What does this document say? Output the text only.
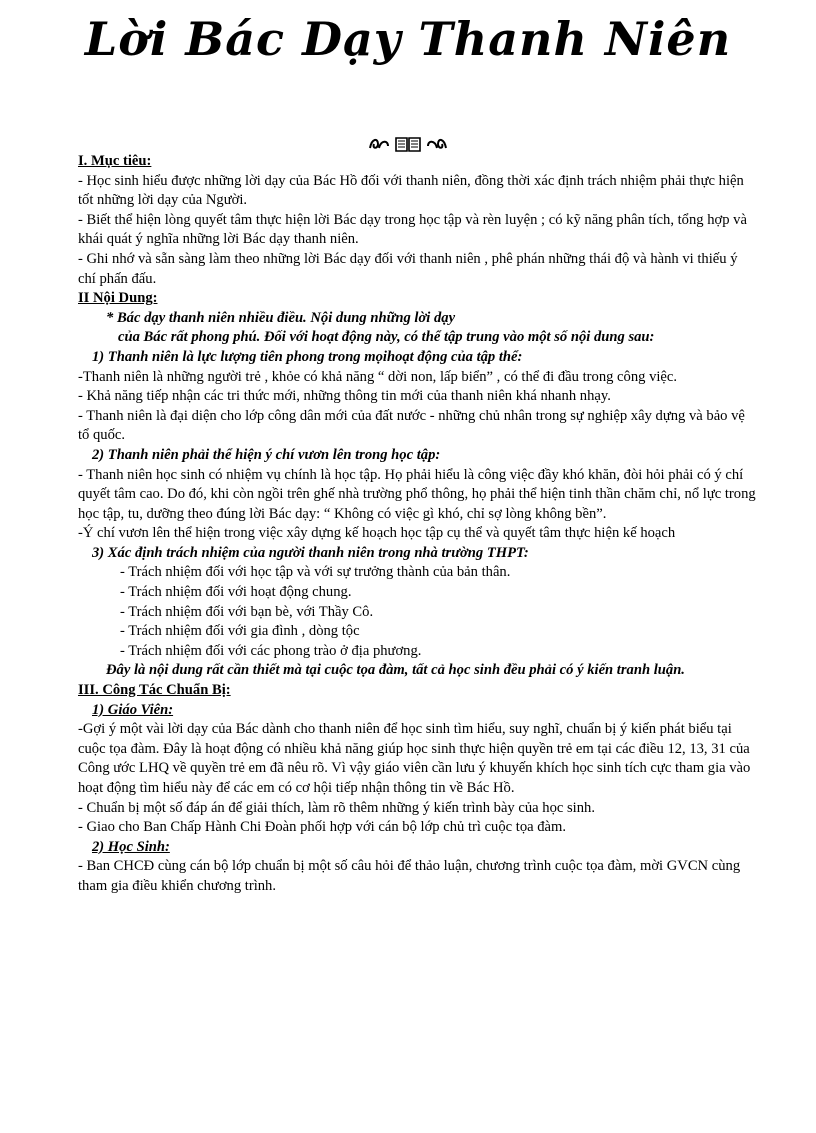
Lời Bác Dạy Thanh Niên

I. Mục tiêu:

- Học sinh hiểu được những lời dạy của Bác Hồ đối với thanh niên, đồng thời xác định trách nhiệm phải thực hiện tốt những lời dạy của Người.

- Biết thể hiện lòng quyết tâm thực hiện lời Bác dạy trong học tập và rèn luyện ; có kỹ năng phân tích, tổng hợp và khái quát ý nghĩa những lời Bác dạy thanh niên.

- Ghi nhớ và sẵn sàng làm theo những lời Bác dạy đối với thanh niên , phê phán những thái độ và hành vi thiếu ý chí phấn đấu.

II Nội Dung:

* Bác dạy thanh niên nhiều điều. Nội dung những lời dạy

của Bác rất phong phú. Đối với hoạt động này, có thể tập trung vào một số nội dung sau:

1) Thanh niên là lực lượng tiên phong trong mọihoạt động của tập thể:

-Thanh niên là những người trẻ , khỏe có khả năng “ dời non, lấp biển” , có thể đi đầu trong công việc.

- Khả năng tiếp nhận các tri thức mới, những thông tin mới của thanh niên khá nhanh nhạy.

- Thanh niên là đại diện cho lớp công dân mới của đất nước - những chủ nhân trong sự nghiệp xây dựng và bảo vệ tổ quốc.

2) Thanh niên phải thể hiện ý chí vươn lên trong học tập:

- Thanh niên học sinh có nhiệm vụ chính là học tập. Họ phải hiểu là công việc đầy khó khăn, đòi hỏi phải có ý chí quyết tâm cao. Do đó, khi còn ngồi trên ghế nhà trường phổ thông, họ phải thể hiện tinh thần chăm chỉ, nổ lực trong học tập, tu, dưỡng theo đúng lời Bác dạy: “ Không có việc gì khó, chỉ sợ lòng không bền”.

-Ý chí vươn lên thể hiện trong việc xây dựng kế hoạch học tập cụ thể và quyết tâm thực hiện kế hoạch

3) Xác định trách nhiệm của người thanh niên trong nhà trường THPT:

- Trách nhiệm đối với học tập và với sự trưởng thành của bản thân.

- Trách nhiệm đối với hoạt động chung.

- Trách nhiệm đối với bạn bè, với Thầy Cô.

- Trách nhiệm đối với gia đình , dòng tộc

- Trách nhiệm đối với các phong trào ở địa phương.

Đây là nội dung rất cần thiết mà tại cuộc tọa đàm, tất cả học sinh đều phải có ý kiến tranh luận.

III. Công Tác Chuẩn Bị:

1) Giáo Viên:

-Gợi ý một vài lời dạy của Bác dành cho thanh niên để học sinh tìm hiểu, suy nghĩ, chuẩn bị ý kiến phát biểu tại cuộc tọa đàm. Đây là hoạt động có nhiều khả năng giúp học sinh thực hiện quyền trẻ em tại các điều 12, 13, 31 của Công ước LHQ về quyền trẻ em đã nêu rõ. Vì vậy giáo viên cần lưu ý khuyến khích học sinh tích cực tham gia vào hoạt động tìm hiểu này để các em có cơ hội tiếp nhận thông tin về Bác Hồ.

- Chuẩn bị một số đáp án để giải thích, làm rõ thêm những ý kiến trình bày của học sinh.

- Giao cho Ban Chấp Hành Chi Đoàn phối hợp với cán bộ lớp chủ trì cuộc tọa đàm.

2) Học Sinh:

- Ban CHCĐ cùng cán bộ lớp chuẩn bị một số câu hỏi để thảo luận, chương trình cuộc tọa đàm, mời GVCN cùng tham gia điều khiển chương trình.
